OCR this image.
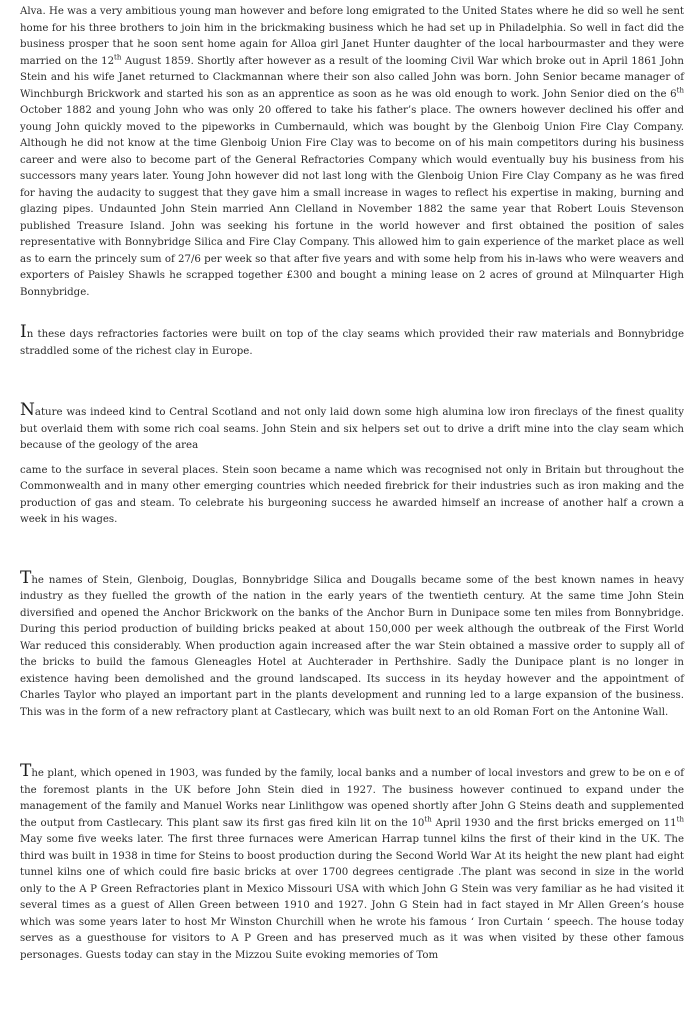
Alva. He was a very ambitious young man however and before long emigrated to the United States where he did so well he sent home for his three brothers to join him in the brickmaking business which he had set up in Philadelphia. So well in fact did the business prosper that he soon sent home again for Alloa girl Janet Hunter daughter of the local harbourmaster and they were married on the 12th August 1859. Shortly after however as a result of the looming Civil War which broke out in April 1861 John Stein and his wife Janet returned to Clackmannan where their son also called John was born. John Senior became manager of Winchburgh Brickwork and started his son as an apprentice as soon as he was old enough to work. John Senior died on the 6th October 1882 and young John who was only 20 offered to take his father’s place. The owners however declined his offer and young John quickly moved to the pipeworks in Cumbernauld, which was bought by the Glenboig Union Fire Clay Company. Although he did not know at the time Glenboig Union Fire Clay was to become on of his main competitors during his business career and were also to become part of the General Refractories Company which would eventually buy his business from his successors many years later. Young John however did not last long with the Glenboig Union Fire Clay Company as he was fired for having the audacity to suggest that they gave him a small increase in wages to reflect his expertise in making, burning and glazing pipes. Undaunted John Stein married Ann Clelland in November 1882 the same year that Robert Louis Stevenson published Treasure Island. John was seeking his fortune in the world however and first obtained the position of sales representative with Bonnybridge Silica and Fire Clay Company. This allowed him to gain experience of the market place as well as to earn the princely sum of 27/6 per week so that after five years and with some help from his in-laws who were weavers and exporters of Paisley Shawls he scrapped together £300 and bought a mining lease on 2 acres of ground at Milnquarter High Bonnybridge.

In these days refractories factories were built on top of the clay seams which provided their raw materials and Bonnybridge straddled some of the richest clay in Europe.

Nature was indeed kind to Central Scotland and not only laid down some high alumina low iron fireclays of the finest quality but overlaid them with some rich coal seams. John Stein and six helpers set out to drive a drift mine into the clay seam which because of the geology of the area

came to the surface in several places. Stein soon became a name which was recognised not only in Britain but throughout the Commonwealth and in many other emerging countries which needed firebrick for their industries such as iron making and the production of gas and steam. To celebrate his burgeoning success he awarded himself an increase of another half a crown a week in his wages.

The names of Stein, Glenboig, Douglas, Bonnybridge Silica and Dougalls became some of the best known names in heavy industry as they fuelled the growth of the nation in the early years of the twentieth century. At the same time John Stein diversified and opened the Anchor Brickwork on the banks of the Anchor Burn in Dunipace some ten miles from Bonnybridge. During this period production of building bricks peaked at about 150,000 per week although the outbreak of the First World War reduced this considerably. When production again increased after the war Stein obtained a massive order to supply all of the bricks to build the famous Gleneagles Hotel at Auchterader in Perthshire. Sadly the Dunipace plant is no longer in existence having been demolished and the ground landscaped. Its success in its heyday however and the appointment of Charles Taylor who played an important part in the plants development and running led to a large expansion of the business. This was in the form of a new refractory plant at Castlecary, which was built next to an old Roman Fort on the Antonine Wall.

The plant, which opened in 1903, was funded by the family, local banks and a number of local investors and grew to be on e of the foremost plants in the UK before John Stein died in 1927. The business however continued to expand under the management of the family and Manuel Works near Linlithgow was opened shortly after John G Steins death and supplemented the output from Castlecary. This plant saw its first gas fired kiln lit on the 10th April 1930 and the first bricks emerged on 11th May some five weeks later. The first three furnaces were American Harrap tunnel kilns the first of their kind in the UK. The third was built in 1938 in time for Steins to boost production during the Second World War At its height the new plant had eight tunnel kilns one of which could fire basic bricks at over 1700 degrees centigrade .The plant was second in size in the world only to the A P Green Refractories plant in Mexico Missouri USA with which John G Stein was very familiar as he had visited it several times as a guest of Allen Green between 1910 and 1927. John G Stein had in fact stayed in Mr Allen Green’s house which was some years later to host Mr Winston Churchill when he wrote his famous ‘ Iron Curtain ‘ speech. The house today serves as a guesthouse for visitors to A P Green and has preserved much as it was when visited by these other famous personages. Guests today can stay in the Mizzou Suite evoking memories of Tom
